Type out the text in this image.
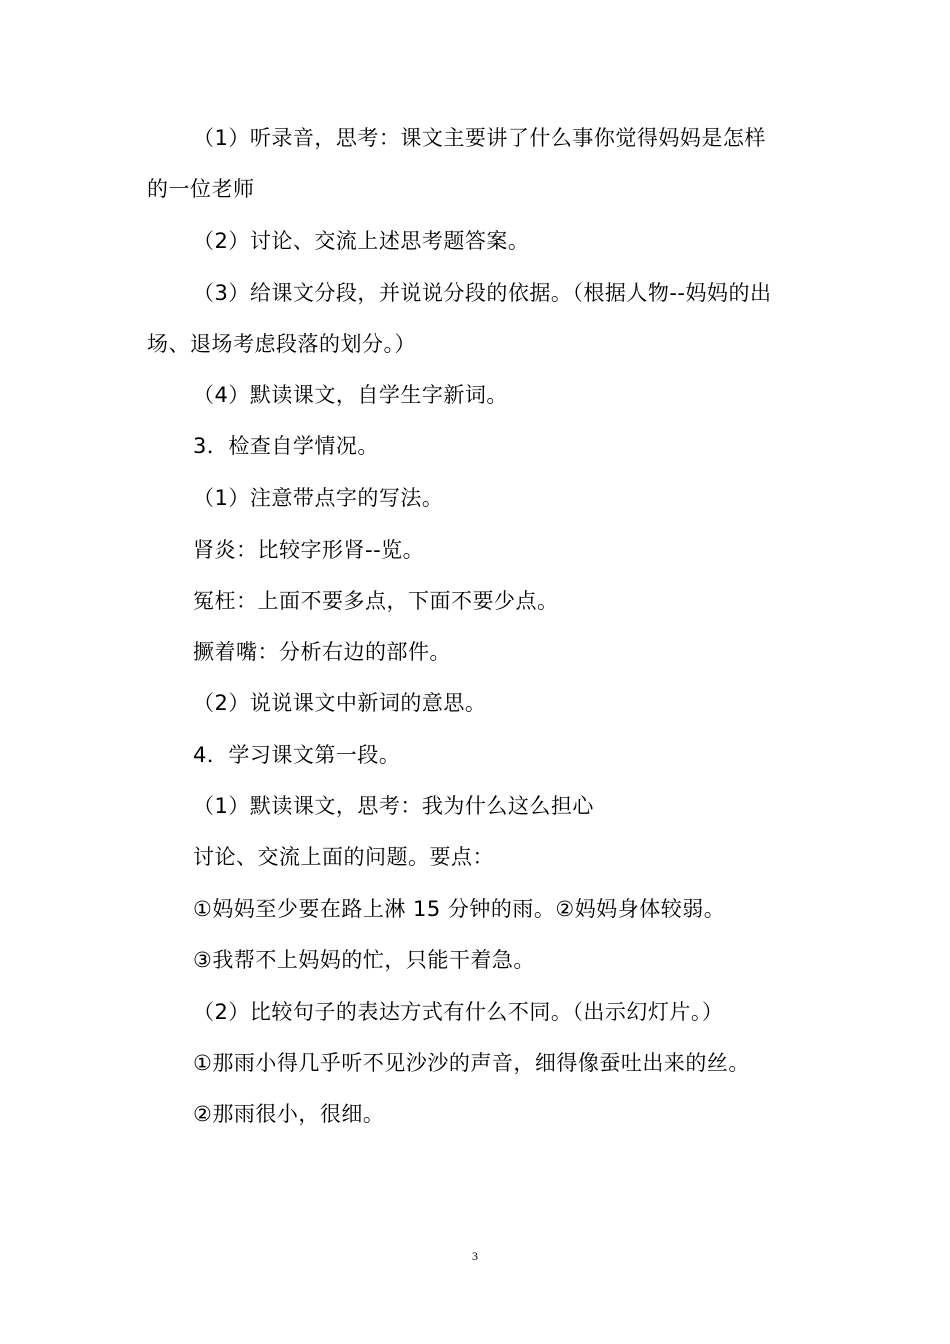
（1）听录音，思考：课文主要讲了什么事你觉得妈妈是怎样
的一位老师
（2）讨论、交流上述思考题答案。
（3）给课文分段，并说说分段的依据。（根据人物--妈妈的出
场、退场考虑段落的划分。）
（4）默读课文，自学生字新词。
3．检查自学情况。
（1）注意带点字的写法。
肾炎：比较字形肾--览。
冤枉：上面不要多点，下面不要少点。
撅着嘴：分析右边的部件。
（2）说说课文中新词的意思。
4．学习课文第一段。
（1）默读课文，思考：我为什么这么担心
讨论、交流上面的问题。要点：
①妈妈至少要在路上淋 15 分钟的雨。②妈妈身体较弱。
③我帮不上妈妈的忙，只能干着急。
（2）比较句子的表达方式有什么不同。（出示幻灯片。）
①那雨小得几乎听不见沙沙的声音，细得像蚕吐出来的丝。
②那雨很小，很细。
3
